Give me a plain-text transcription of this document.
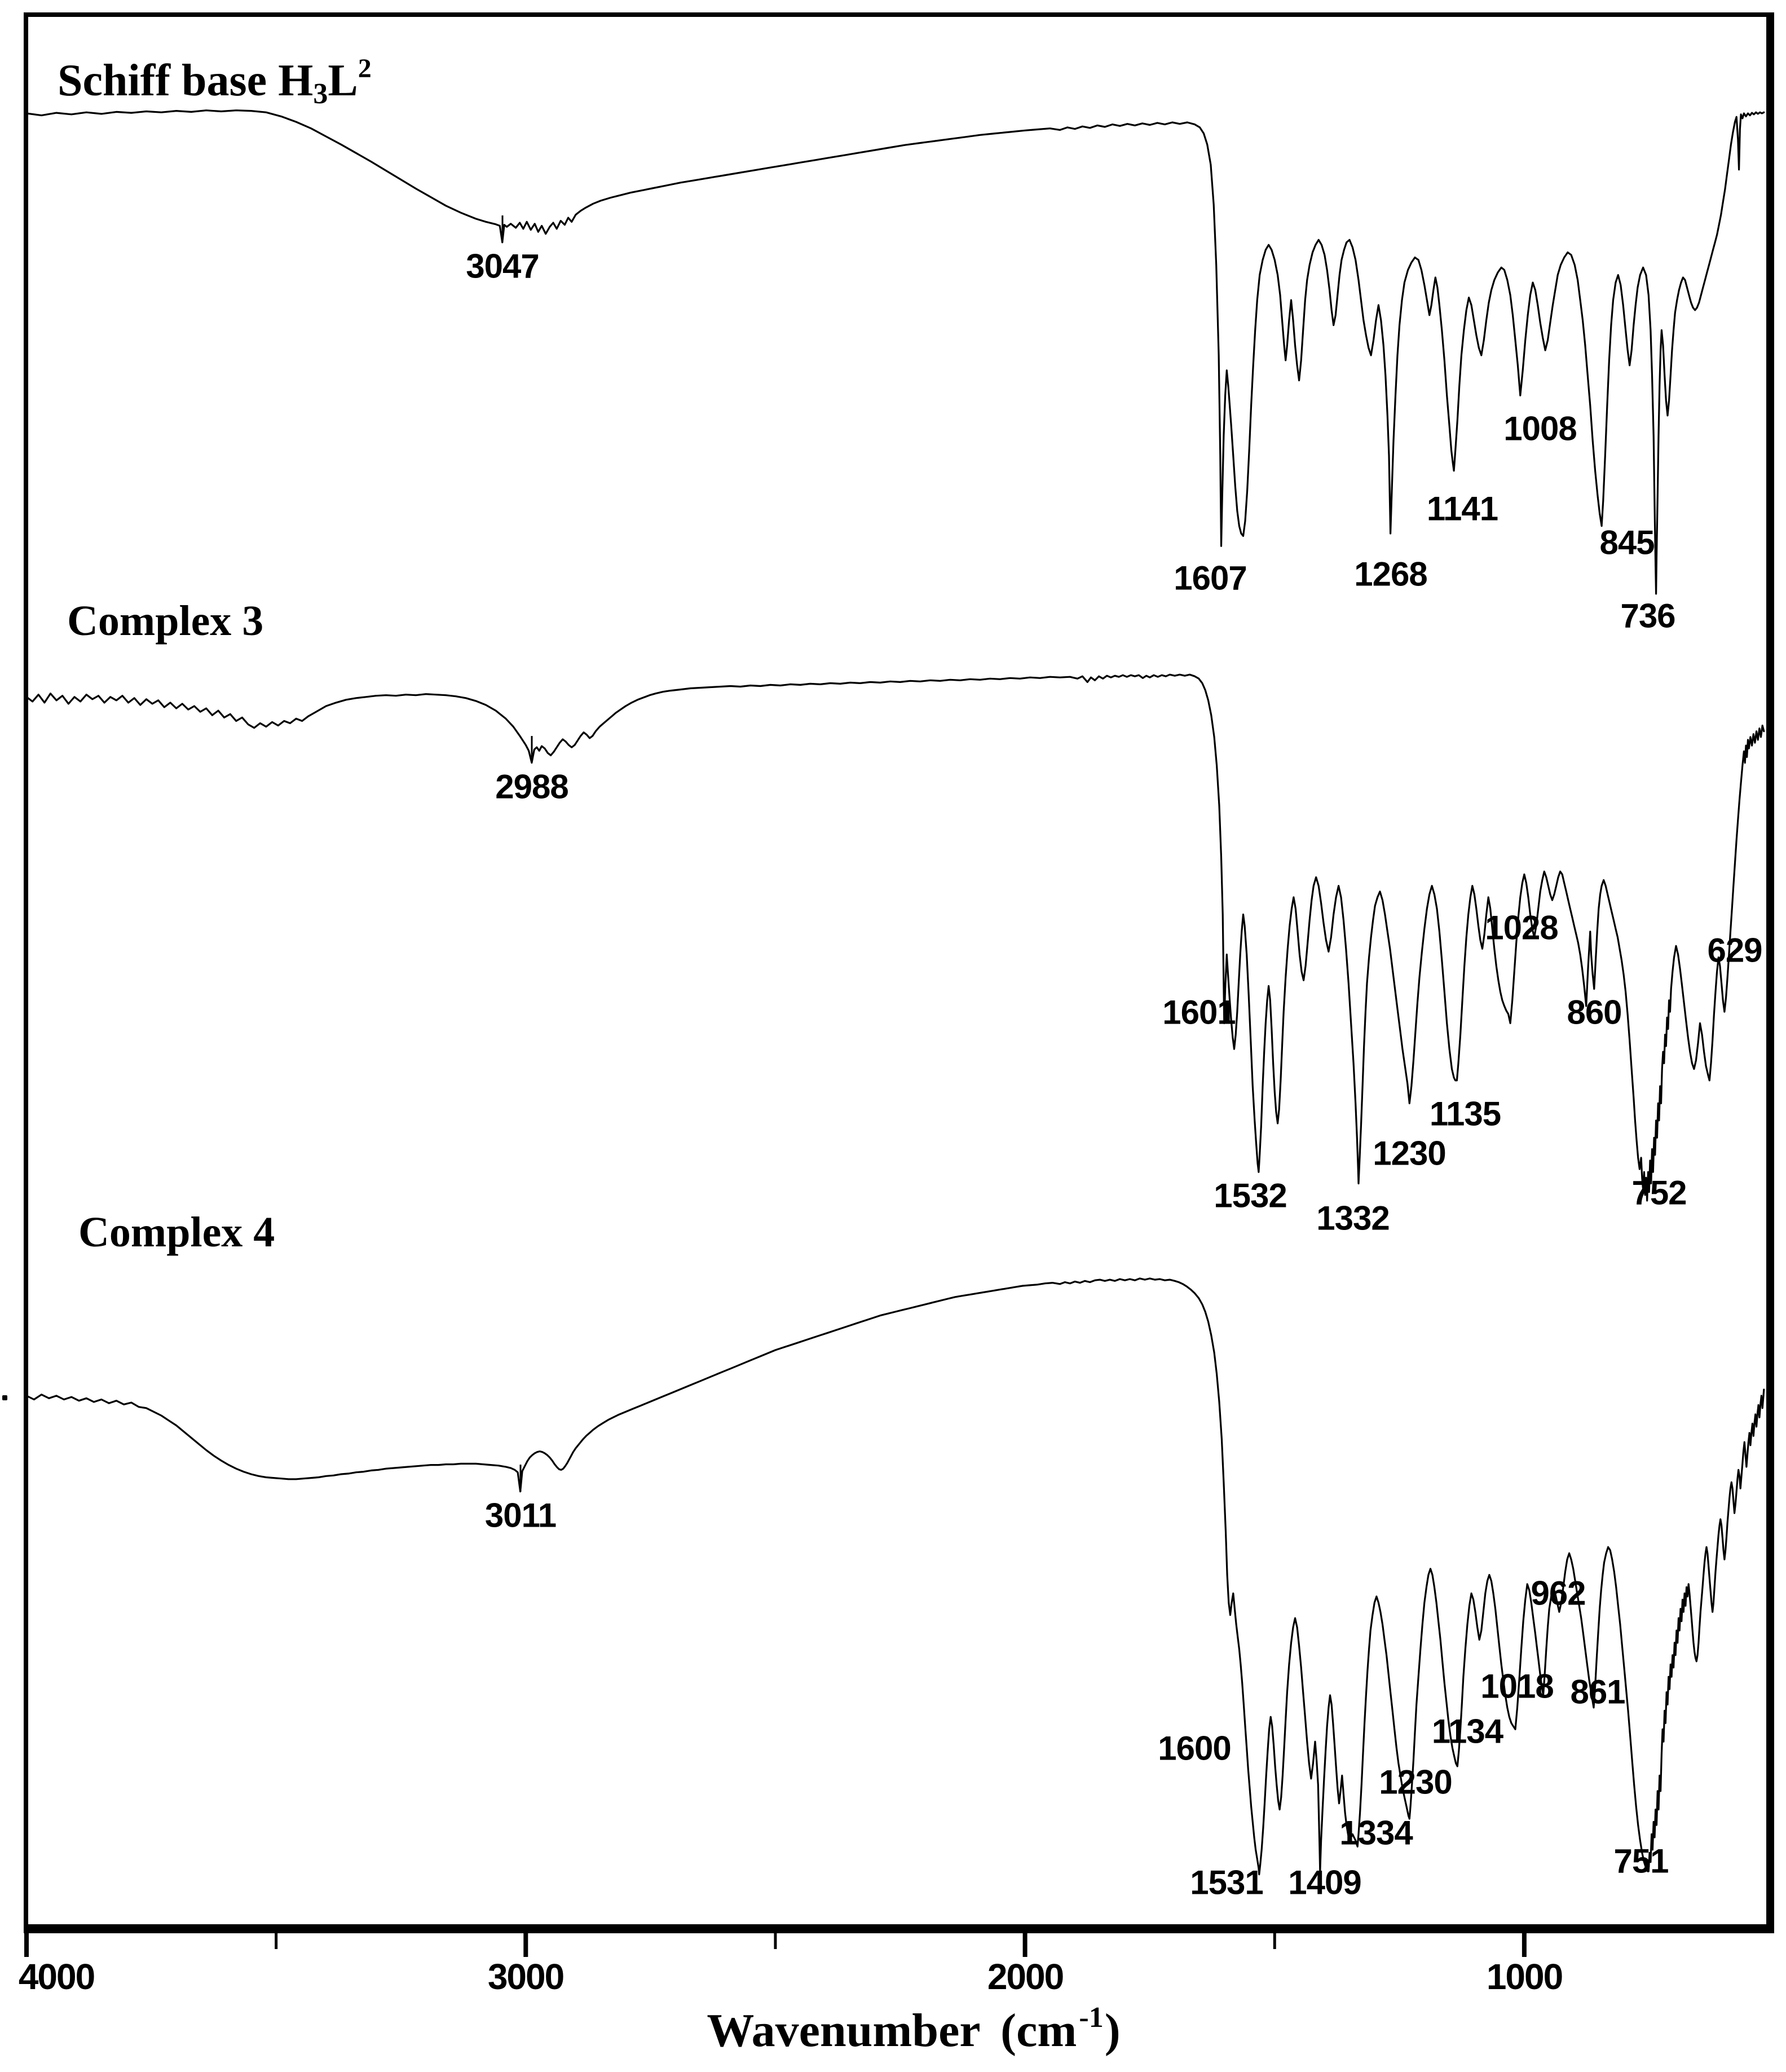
3047
1607	1268
1141
1008
845
736
2988
1601
1532
1332
1230
1135
1028
860
752
629
3011
1600
1531 1409
1334
1230
1134
1018
962
861
751
Schiff base $H_3L^2$
Complex 3
Complex 4
4000	3000	2000	1000
Wavenumber $(cm^{-1})$
